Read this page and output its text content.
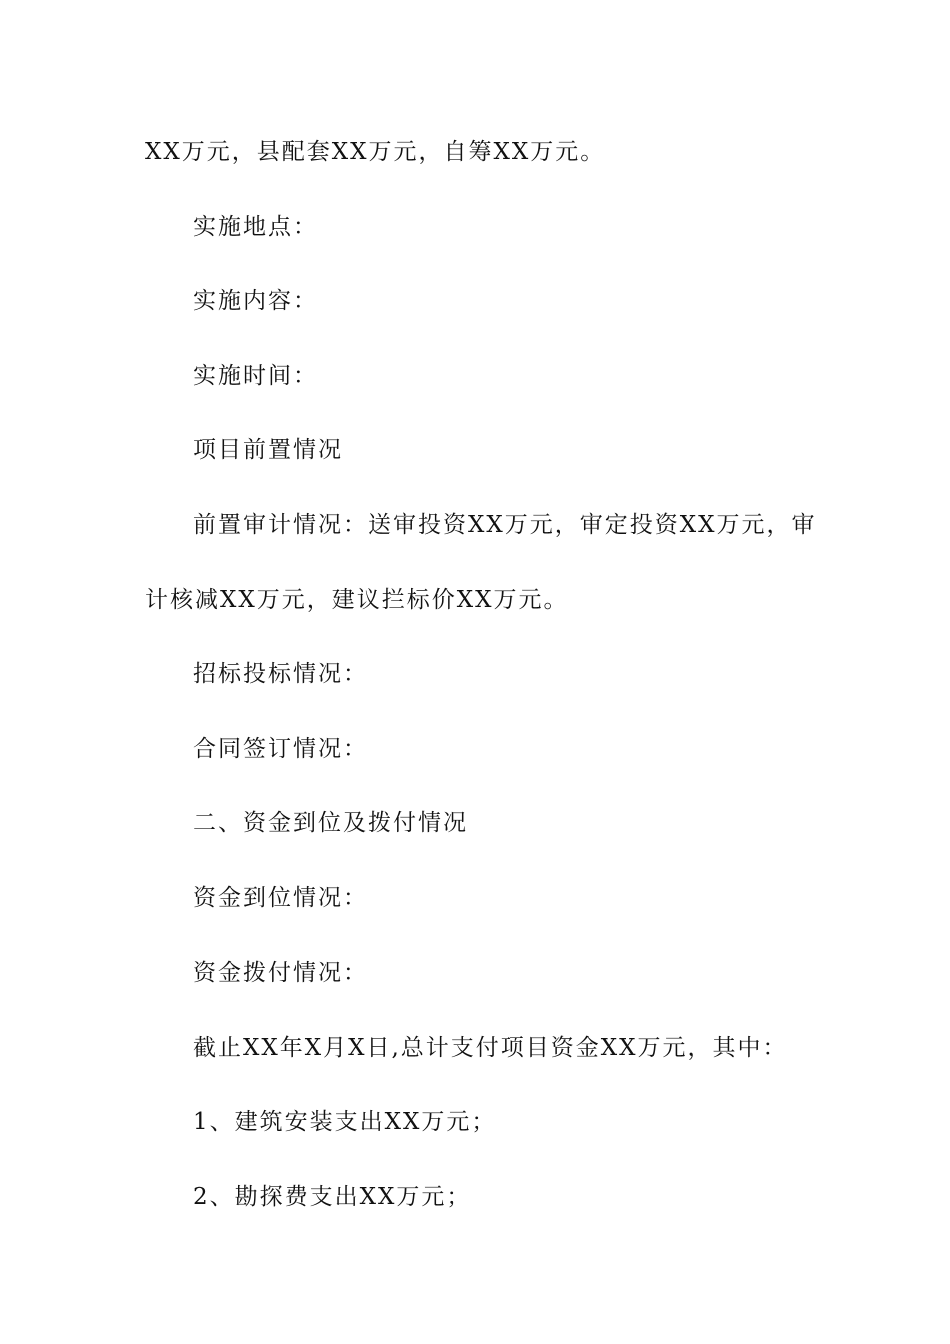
XX万元，县配套XX万元，自筹XX万元。

实施地点：

实施内容：

实施时间：

项目前置情况

前置审计情况：送审投资XX万元，审定投资XX万元，审

计核减XX万元，建议拦标价XX万元。

招标投标情况：

合同签订情况：

二、资金到位及拨付情况

资金到位情况：

资金拨付情况：

截止XX年X月X日,总计支付项目资金XX万元，其中：

1、建筑安装支出XX万元；

2、勘探费支出XX万元；
